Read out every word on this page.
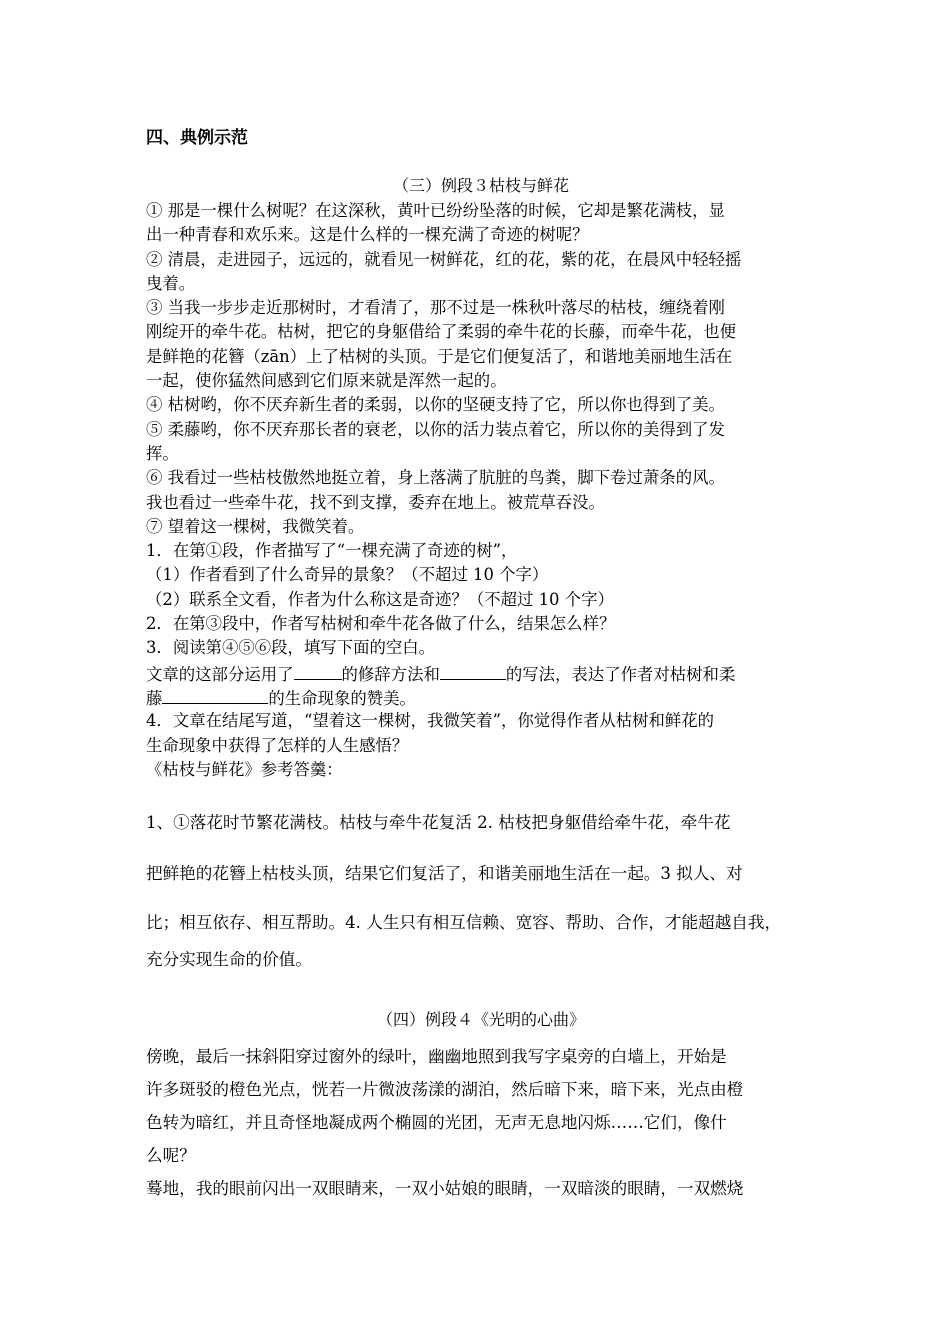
四、典例示范
（三）例段３枯枝与鲜花
① 那是一棵什么树呢？在这深秋，黄叶已纷纷坠落的时候，它却是繁花满枝，显
出一种青春和欢乐来。这是什么样的一棵充满了奇迹的树呢？
② 清晨，走进园子，远远的，就看见一树鲜花，红的花，紫的花，在晨风中轻轻摇
曳着。
③ 当我一步步走近那树时，才看清了，那不过是一株秋叶落尽的枯枝，缠绕着刚
刚绽开的牵牛花。枯树，把它的身躯借给了柔弱的牵牛花的长藤，而牵牛花，也便
是鲜艳的花簪（zān）上了枯树的头顶。于是它们便复活了，和谐地美丽地生活在
一起，使你猛然间感到它们原来就是浑然一起的。
④ 枯树哟，你不厌弃新生者的柔弱，以你的坚硬支持了它，所以你也得到了美。
⑤ 柔藤哟，你不厌弃那长者的衰老，以你的活力装点着它，所以你的美得到了发
挥。
⑥ 我看过一些枯枝傲然地挺立着，身上落满了肮脏的鸟粪，脚下卷过萧条的风。
我也看过一些牵牛花，找不到支撑，委弃在地上。被荒草吞没。
⑦ 望着这一棵树，我微笑着。
1．在第①段，作者描写了“一棵充满了奇迹的树”，
（1）作者看到了什么奇异的景象？（不超过 10 个字）
（2）联系全文看，作者为什么称这是奇迹？（不超过 10 个字）
2．在第③段中，作者写枯树和牵牛花各做了什么，结果怎么样？
3．阅读第④⑤⑥段，填写下面的空白。
文章的这部分运用了	的修辞方法和	的写法，表达了作者对枯树和柔
藤	的生命现象的赞美。
4．文章在结尾写道，“望着这一棵树，我微笑着”，你觉得作者从枯树和鲜花的
生命现象中获得了怎样的人生感悟？
《枯枝与鲜花》参考答羹：
1、①落花时节繁花满枝。枯枝与牵牛花复活 2. 枯枝把身躯借给牵牛花，牵牛花
把鲜艳的花簪上枯枝头顶，结果它们复活了，和谐美丽地生活在一起。3 拟人、对
比；相互依存、相互帮助。4. 人生只有相互信赖、宽容、帮助、合作，才能超越自我，
充分实现生命的价值。
（四）例段４《光明的心曲》
傍晚，最后一抹斜阳穿过窗外的绿叶，幽幽地照到我写字桌旁的白墙上，开始是
许多斑驳的橙色光点，恍若一片微波荡漾的湖泊，然后暗下来，暗下来，光点由橙
色转为暗红，并且奇怪地凝成两个椭圆的光团，无声无息地闪烁……它们，像什
么呢？
蓦地，我的眼前闪出一双眼睛来，一双小姑娘的眼睛，一双暗淡的眼睛，一双燃烧
